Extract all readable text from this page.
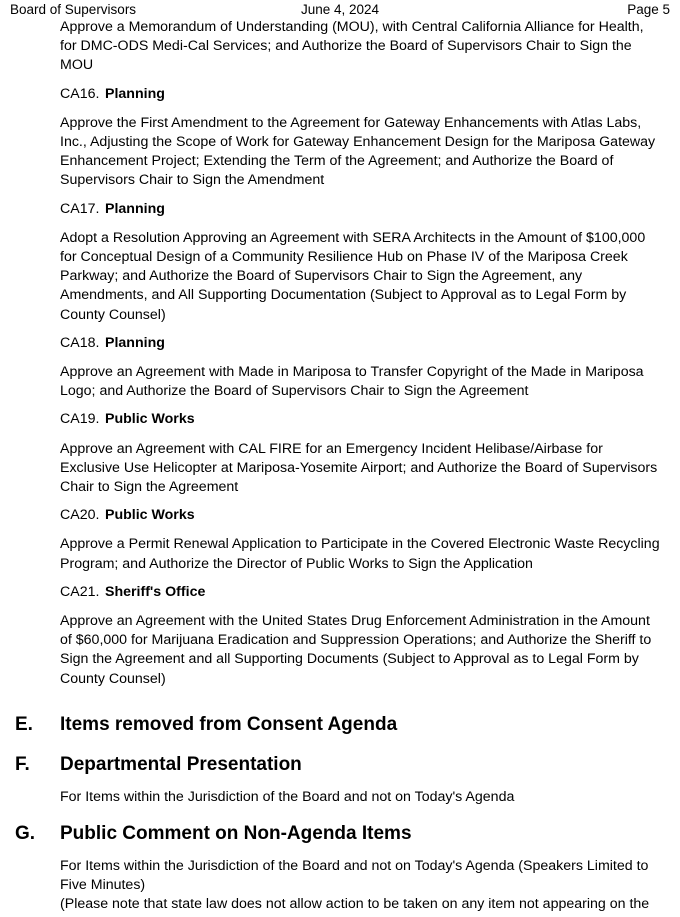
Board of Supervisors	June 4, 2024	Page 5

Approve a Memorandum of Understanding (MOU), with Central California Alliance for Health, for DMC-ODS Medi-Cal Services; and Authorize the Board of Supervisors Chair to Sign the MOU

CA16. Planning

Approve the First Amendment to the Agreement for Gateway Enhancements with Atlas Labs, Inc., Adjusting the Scope of Work for Gateway Enhancement Design for the Mariposa Gateway Enhancement Project; Extending the Term of the Agreement; and Authorize the Board of Supervisors Chair to Sign the Amendment

CA17. Planning

Adopt a Resolution Approving an Agreement with SERA Architects in the Amount of $100,000 for Conceptual Design of a Community Resilience Hub on Phase IV of the Mariposa Creek Parkway; and Authorize the Board of Supervisors Chair to Sign the Agreement, any Amendments, and All Supporting Documentation (Subject to Approval as to Legal Form by County Counsel)

CA18. Planning

Approve an Agreement with Made in Mariposa to Transfer Copyright of the Made in Mariposa Logo; and Authorize the Board of Supervisors Chair to Sign the Agreement

CA19. Public Works

Approve an Agreement with CAL FIRE for an Emergency Incident Helibase/Airbase for Exclusive Use Helicopter at Mariposa-Yosemite Airport; and Authorize the Board of Supervisors Chair to Sign the Agreement

CA20. Public Works

Approve a Permit Renewal Application to Participate in the Covered Electronic Waste Recycling Program; and Authorize the Director of Public Works to Sign the Application

CA21. Sheriff's Office

Approve an Agreement with the United States Drug Enforcement Administration in the Amount of $60,000 for Marijuana Eradication and Suppression Operations; and Authorize the Sheriff to Sign the Agreement and all Supporting Documents (Subject to Approval as to Legal Form by County Counsel)

E. Items removed from Consent Agenda
F. Departmental Presentation

For Items within the Jurisdiction of the Board and not on Today's Agenda

G. Public Comment on Non-Agenda Items

For Items within the Jurisdiction of the Board and not on Today's Agenda (Speakers Limited to Five Minutes)

(Please note that state law does not allow action to be taken on any item not appearing on the
